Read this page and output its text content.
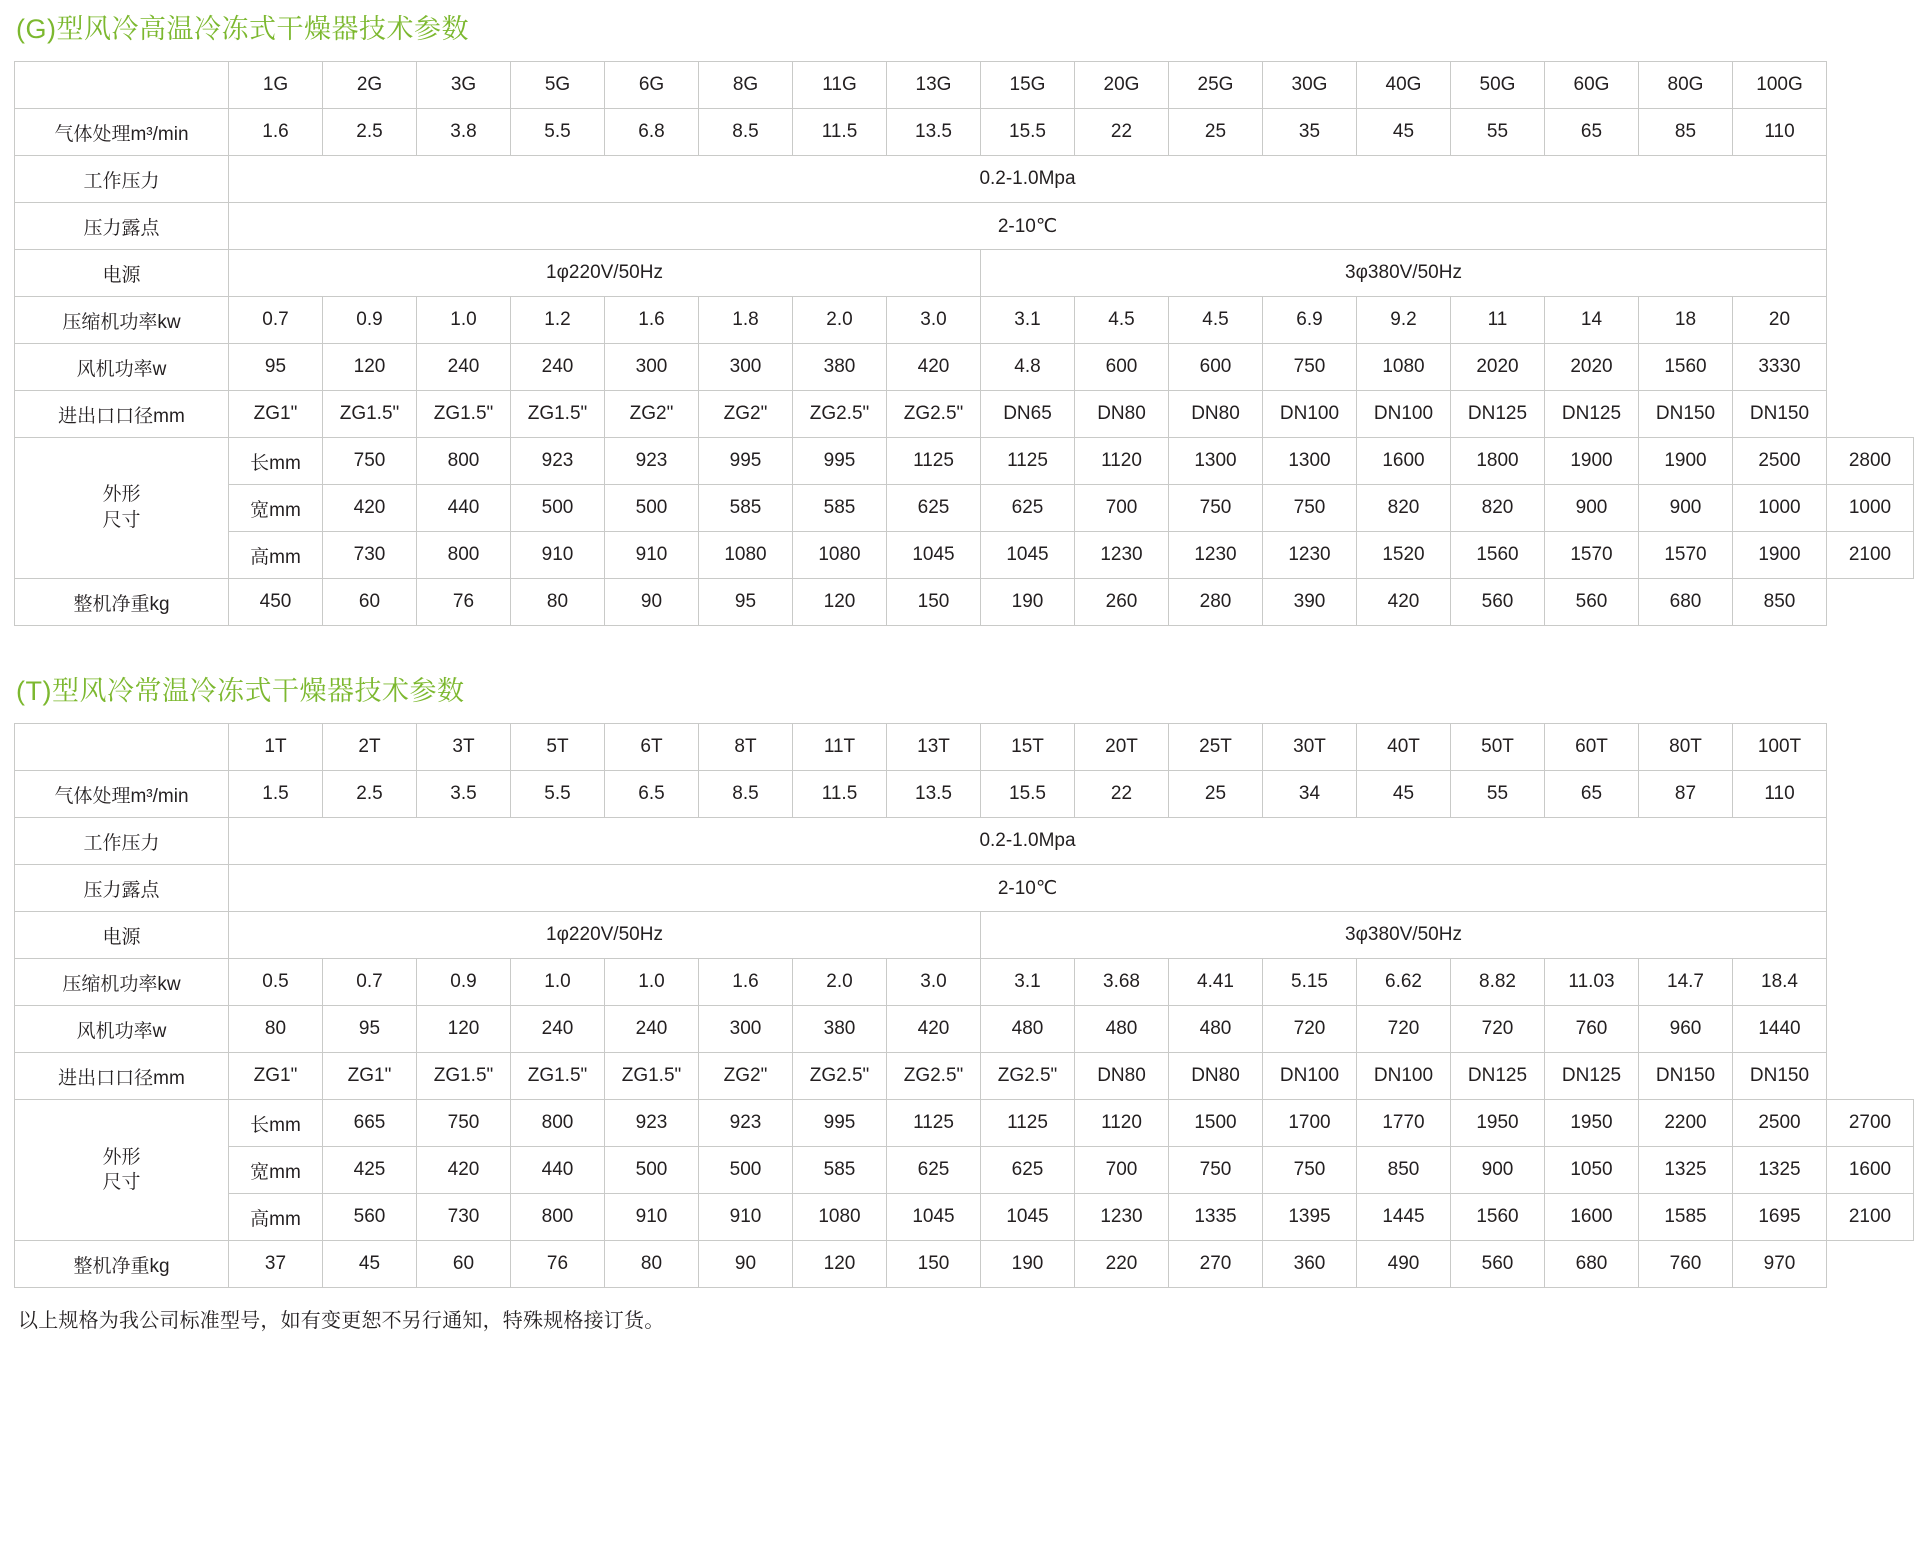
(G)型风冷高温冷冻式干燥器技术参数
规格
项目	1G	2G	3G	5G	6G	8G	11G	13G	15G	20G	25G	30G	40G	50G	60G	80G	100G	
气体处理m³/min	1.6	2.5	3.8	5.5	6.8	8.5	11.5	13.5	15.5	22	25	35	45	55	65	85	110	
工作压力	0.2-1.0Mpa																	
压力露点	2-10℃																	
电源	1φ220V/50Hz								3φ380V/50Hz									
压缩机功率kw	0.7	0.9	1.0	1.2	1.6	1.8	2.0	3.0	3.1	4.5	4.5	6.9	9.2	11	14	18	20	
风机功率w	95	120	240	240	300	300	380	420	4.8	600	600	750	1080	2020	2020	1560	3330	
进出口口径mm	ZG1"	ZG1.5"	ZG1.5"	ZG1.5"	ZG2"	ZG2"	ZG2.5"	ZG2.5"	DN65	DN80	DN80	DN100	DN100	DN125	DN125	DN150	DN150	

外形
尺寸	长mm	750	800	923	923	995	995	1125	1125	1120	1300	1300	1600	1800	1900	1900	2500	2800
	宽mm	420	440	500	500	585	585	625	625	700	750	750	820	820	900	900	1000	1000
	高mm	730	800	910	910	1080	1080	1045	1045	1230	1230	1230	1520	1560	1570	1570	1900	2100
整机净重kg	450	60	76	80	90	95	120	150	190	260	280	390	420	560	560	680	850	
(T)型风冷常温冷冻式干燥器技术参数
规格
项目	1T	2T	3T	5T	6T	8T	11T	13T	15T	20T	25T	30T	40T	50T	60T	80T	100T	
气体处理m³/min	1.5	2.5	3.5	5.5	6.5	8.5	11.5	13.5	15.5	22	25	34	45	55	65	87	110	
工作压力	0.2-1.0Mpa																	
压力露点	2-10℃																	
电源	1φ220V/50Hz								3φ380V/50Hz									
压缩机功率kw	0.5	0.7	0.9	1.0	1.0	1.6	2.0	3.0	3.1	3.68	4.41	5.15	6.62	8.82	11.03	14.7	18.4	
风机功率w	80	95	120	240	240	300	380	420	480	480	480	720	720	720	760	960	1440	
进出口口径mm	ZG1"	ZG1"	ZG1.5"	ZG1.5"	ZG1.5"	ZG2"	ZG2.5"	ZG2.5"	ZG2.5"	DN80	DN80	DN100	DN100	DN125	DN125	DN150	DN150	

外形
尺寸	长mm	665	750	800	923	923	995	1125	1125	1120	1500	1700	1770	1950	1950	2200	2500	2700
	宽mm	425	420	440	500	500	585	625	625	700	750	750	850	900	1050	1325	1325	1600
	高mm	560	730	800	910	910	1080	1045	1045	1230	1335	1395	1445	1560	1600	1585	1695	2100
整机净重kg	37	45	60	76	80	90	120	150	190	220	270	360	490	560	680	760	970	
以上规格为我公司标准型号，如有变更恕不另行通知，特殊规格接订货。
